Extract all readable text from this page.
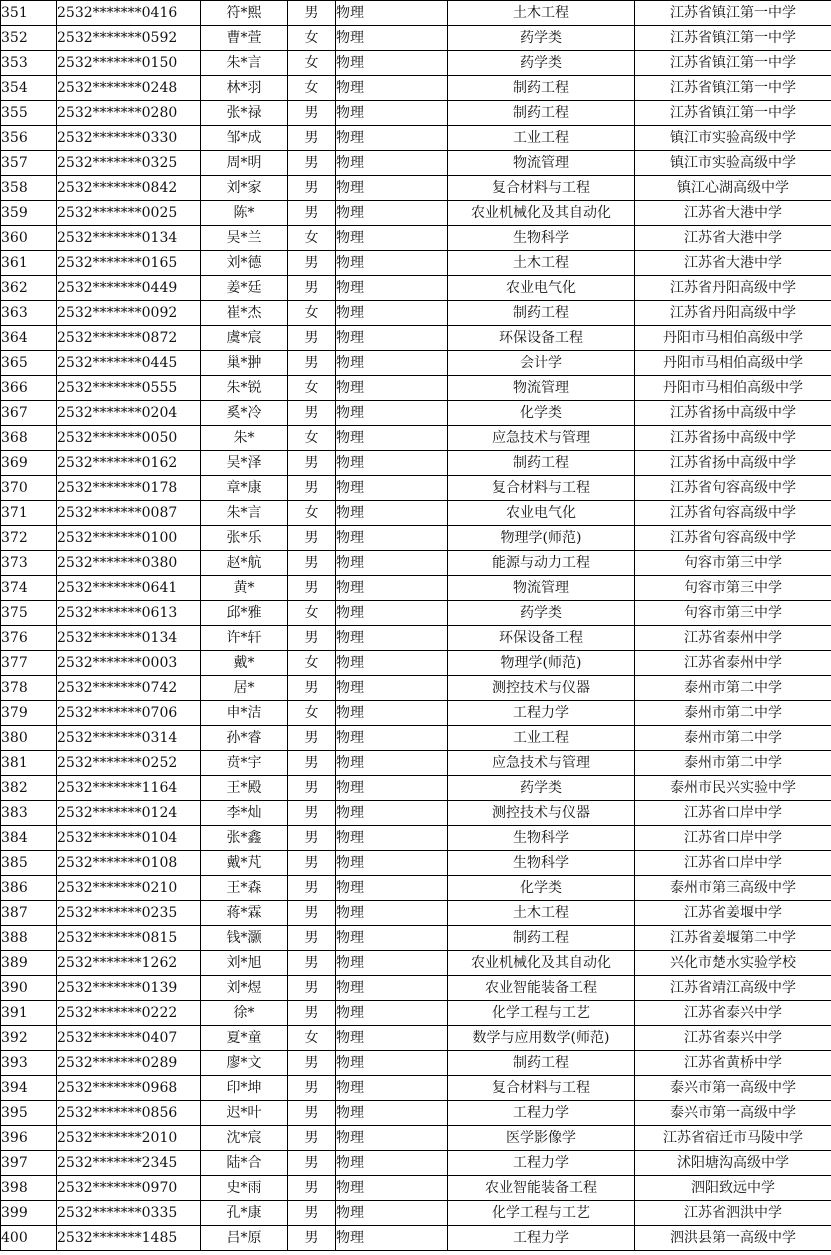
351	2532*******0416	符*熙	男	物理	土木工程	江苏省镇江第一中学
352	2532*******0592	曹*萱	女	物理	药学类	江苏省镇江第一中学
353	2532*******0150	朱*言	女	物理	药学类	江苏省镇江第一中学
354	2532*******0248	林*羽	女	物理	制药工程	江苏省镇江第一中学
355	2532*******0280	张*禄	男	物理	制药工程	江苏省镇江第一中学
356	2532*******0330	邹*成	男	物理	工业工程	镇江市实验高级中学
357	2532*******0325	周*明	男	物理	物流管理	镇江市实验高级中学
358	2532*******0842	刘*家	男	物理	复合材料与工程	镇江心湖高级中学
359	2532*******0025	陈*	男	物理	农业机械化及其自动化	江苏省大港中学
360	2532*******0134	吴*兰	女	物理	生物科学	江苏省大港中学
361	2532*******0165	刘*德	男	物理	土木工程	江苏省大港中学
362	2532*******0449	姜*廷	男	物理	农业电气化	江苏省丹阳高级中学
363	2532*******0092	崔*杰	女	物理	制药工程	江苏省丹阳高级中学
364	2532*******0872	虞*宸	男	物理	环保设备工程	丹阳市马相伯高级中学
365	2532*******0445	巢*翀	男	物理	会计学	丹阳市马相伯高级中学
366	2532*******0555	朱*锐	女	物理	物流管理	丹阳市马相伯高级中学
367	2532*******0204	奚*冷	男	物理	化学类	江苏省扬中高级中学
368	2532*******0050	朱*	女	物理	应急技术与管理	江苏省扬中高级中学
369	2532*******0162	吴*泽	男	物理	制药工程	江苏省扬中高级中学
370	2532*******0178	章*康	男	物理	复合材料与工程	江苏省句容高级中学
371	2532*******0087	朱*言	女	物理	农业电气化	江苏省句容高级中学
372	2532*******0100	张*乐	男	物理	物理学(师范)	江苏省句容高级中学
373	2532*******0380	赵*航	男	物理	能源与动力工程	句容市第三中学
374	2532*******0641	黄*	男	物理	物流管理	句容市第三中学
375	2532*******0613	邱*雅	女	物理	药学类	句容市第三中学
376	2532*******0134	许*轩	男	物理	环保设备工程	江苏省泰州中学
377	2532*******0003	戴*	女	物理	物理学(师范)	江苏省泰州中学
378	2532*******0742	居*	男	物理	测控技术与仪器	泰州市第二中学
379	2532*******0706	申*洁	女	物理	工程力学	泰州市第二中学
380	2532*******0314	孙*睿	男	物理	工业工程	泰州市第二中学
381	2532*******0252	贲*宇	男	物理	应急技术与管理	泰州市第二中学
382	2532*******1164	王*殿	男	物理	药学类	泰州市民兴实验中学
383	2532*******0124	李*灿	男	物理	测控技术与仪器	江苏省口岸中学
384	2532*******0104	张*鑫	男	物理	生物科学	江苏省口岸中学
385	2532*******0108	戴*芃	男	物理	生物科学	江苏省口岸中学
386	2532*******0210	王*森	男	物理	化学类	泰州市第三高级中学
387	2532*******0235	蒋*霖	男	物理	土木工程	江苏省姜堰中学
388	2532*******0815	钱*灏	男	物理	制药工程	江苏省姜堰第二中学
389	2532*******1262	刘*旭	男	物理	农业机械化及其自动化	兴化市楚水实验学校
390	2532*******0139	刘*煜	男	物理	农业智能装备工程	江苏省靖江高级中学
391	2532*******0222	徐*	男	物理	化学工程与工艺	江苏省泰兴中学
392	2532*******0407	夏*童	女	物理	数学与应用数学(师范)	江苏省泰兴中学
393	2532*******0289	廖*文	男	物理	制药工程	江苏省黄桥中学
394	2532*******0968	印*坤	男	物理	复合材料与工程	泰兴市第一高级中学
395	2532*******0856	迟*叶	男	物理	工程力学	泰兴市第一高级中学
396	2532*******2010	沈*宸	男	物理	医学影像学	江苏省宿迁市马陵中学
397	2532*******2345	陆*合	男	物理	工程力学	沭阳塘沟高级中学
398	2532*******0970	史*雨	男	物理	农业智能装备工程	泗阳致远中学
399	2532*******0335	孔*康	男	物理	化学工程与工艺	江苏省泗洪中学
400	2532*******1485	吕*原	男	物理	工程力学	泗洪县第一高级中学
